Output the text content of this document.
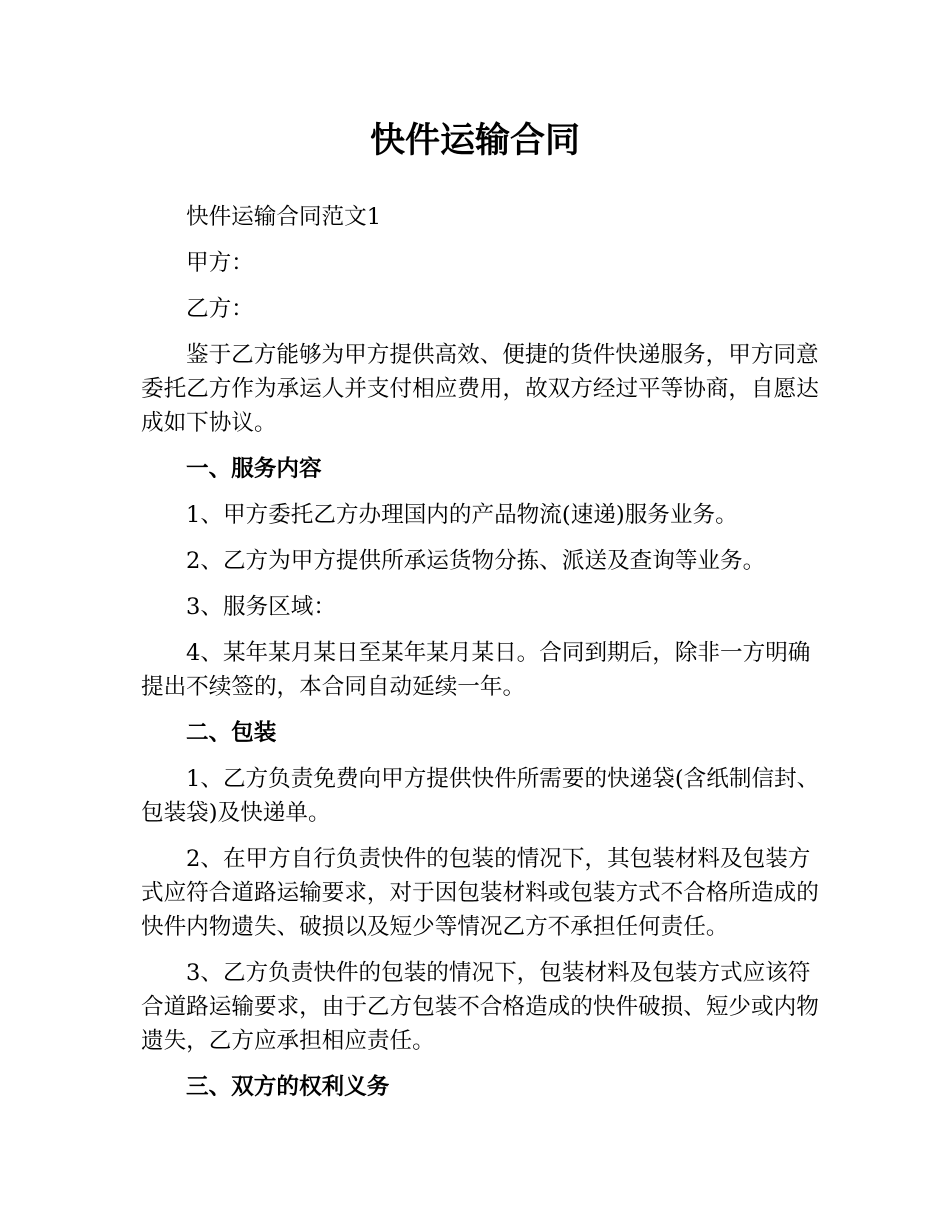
快件运输合同

快件运输合同范文1

甲方：

乙方：

鉴于乙方能够为甲方提供高效、便捷的货件快递服务，甲方同意委托乙方作为承运人并支付相应费用，故双方经过平等协商，自愿达成如下协议。

一、服务内容

1、甲方委托乙方办理国内的产品物流(速递)服务业务。

2、乙方为甲方提供所承运货物分拣、派送及查询等业务。

3、服务区域：

4、某年某月某日至某年某月某日。合同到期后，除非一方明确提出不续签的，本合同自动延续一年。

二、包装

1、乙方负责免费向甲方提供快件所需要的快递袋(含纸制信封、包装袋)及快递单。

2、在甲方自行负责快件的包装的情况下，其包装材料及包装方式应符合道路运输要求，对于因包装材料或包装方式不合格所造成的快件内物遗失、破损以及短少等情况乙方不承担任何责任。

3、乙方负责快件的包装的情况下，包装材料及包装方式应该符合道路运输要求，由于乙方包装不合格造成的快件破损、短少或内物遗失，乙方应承担相应责任。

三、双方的权利义务
